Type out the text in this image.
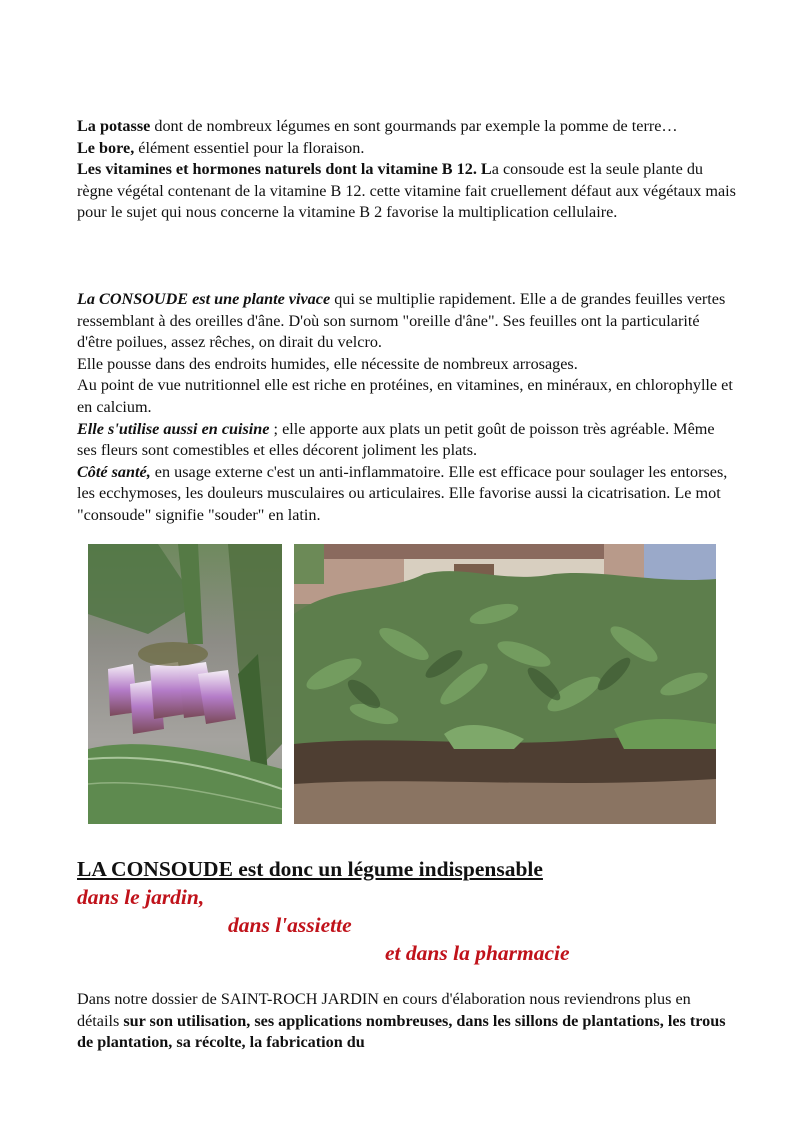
La potasse dont de nombreux légumes en sont gourmands par exemple la pomme de terre…

Le bore, élément essentiel pour la floraison.

Les vitamines et hormones naturels dont la vitamine B 12. La consoude est la seule plante du règne végétal contenant de la vitamine B 12. cette vitamine fait cruellement défaut aux végétaux mais pour le sujet qui nous concerne la vitamine B 2 favorise la multiplication cellulaire.

La CONSOUDE est une plante vivace qui se multiplie rapidement. Elle a de grandes feuilles vertes ressemblant à des oreilles d'âne. D'où son surnom "oreille d'âne". Ses feuilles ont la particularité d'être poilues, assez rêches, on dirait du velcro.

Elle pousse dans des endroits humides, elle nécessite de nombreux arrosages.

Au point de vue nutritionnel elle est riche en protéines, en vitamines, en minéraux, en chlorophylle et en calcium.

Elle s'utilise aussi en cuisine ; elle apporte aux plats un petit goût de poisson très agréable. Même ses fleurs sont comestibles et elles décorent joliment les plats.

Côté santé, en usage externe c'est un anti-inflammatoire. Elle est efficace pour soulager les entorses, les ecchymoses, les douleurs musculaires ou articulaires. Elle favorise aussi la cicatrisation. Le mot "consoude" signifie "souder" en latin.

LA CONSOUDE est donc un légume indispensable
dans le jardin,
dans l'assiette
et dans la pharmacie

Dans notre dossier de SAINT-ROCH JARDIN en cours d'élaboration nous reviendrons plus en détails sur son utilisation, ses applications nombreuses, dans les sillons de plantations, les trous de plantation, sa récolte, la fabrication du
